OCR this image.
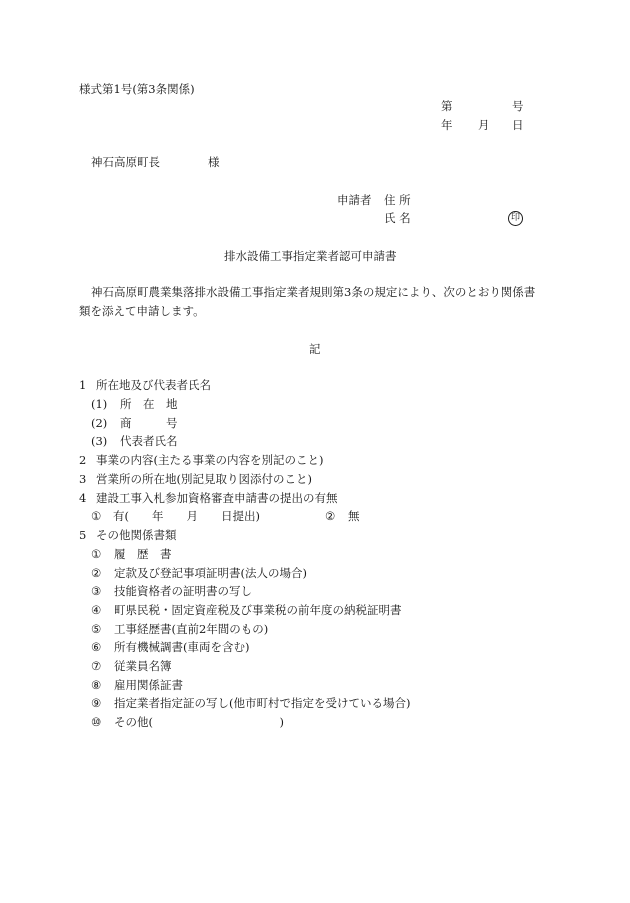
様式第1号(第3条関係)
第	号
年 月 日
神石高原町長	様
申請者 住 所
氏 名	印
排水設備工事指定業者認可申請書
神石高原町農業集落排水設備工事指定業者規則第3条の規定により、次のとおり関係書
類を添えて申請します。
記
1 所在地及び代表者氏名
(1) 所　在　地
(2) 商　　　号
(3) 代表者氏名
2 事業の内容(主たる事業の内容を別記のこと)
3 営業所の所在地(別記見取り図添付のこと)
4 建設工事入札参加資格審査申請書の提出の有無
① 有(　　年　　月　　日提出)	② 無
5 その他関係書類
① 履　歴　書
② 定款及び登記事項証明書(法人の場合)
③ 技能資格者の証明書の写し
④ 町県民税・固定資産税及び事業税の前年度の納税証明書
⑤ 工事経歴書(直前2年間のもの)
⑥ 所有機械調書(車両を含む)
⑦ 従業員名簿
⑧ 雇用関係証書
⑨ 指定業者指定証の写し(他市町村で指定を受けている場合)
⑩ その他(　　　　　　　　　　　)
